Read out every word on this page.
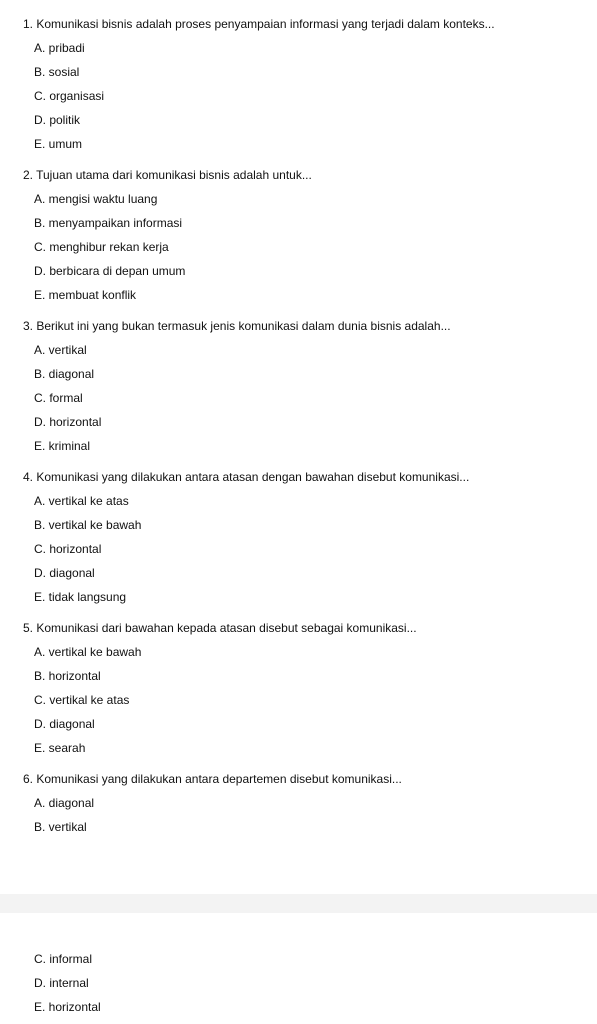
1. Komunikasi bisnis adalah proses penyampaian informasi yang terjadi dalam konteks...
A. pribadi
B. sosial
C. organisasi
D. politik
E. umum
2. Tujuan utama dari komunikasi bisnis adalah untuk...
A. mengisi waktu luang
B. menyampaikan informasi
C. menghibur rekan kerja
D. berbicara di depan umum
E. membuat konflik
3. Berikut ini yang bukan termasuk jenis komunikasi dalam dunia bisnis adalah...
A. vertikal
B. diagonal
C. formal
D. horizontal
E. kriminal
4. Komunikasi yang dilakukan antara atasan dengan bawahan disebut komunikasi...
A. vertikal ke atas
B. vertikal ke bawah
C. horizontal
D. diagonal
E. tidak langsung
5. Komunikasi dari bawahan kepada atasan disebut sebagai komunikasi...
A. vertikal ke bawah
B. horizontal
C. vertikal ke atas
D. diagonal
E. searah
6. Komunikasi yang dilakukan antara departemen disebut komunikasi...
A. diagonal
B. vertikal
C. informal
D. internal
E. horizontal
